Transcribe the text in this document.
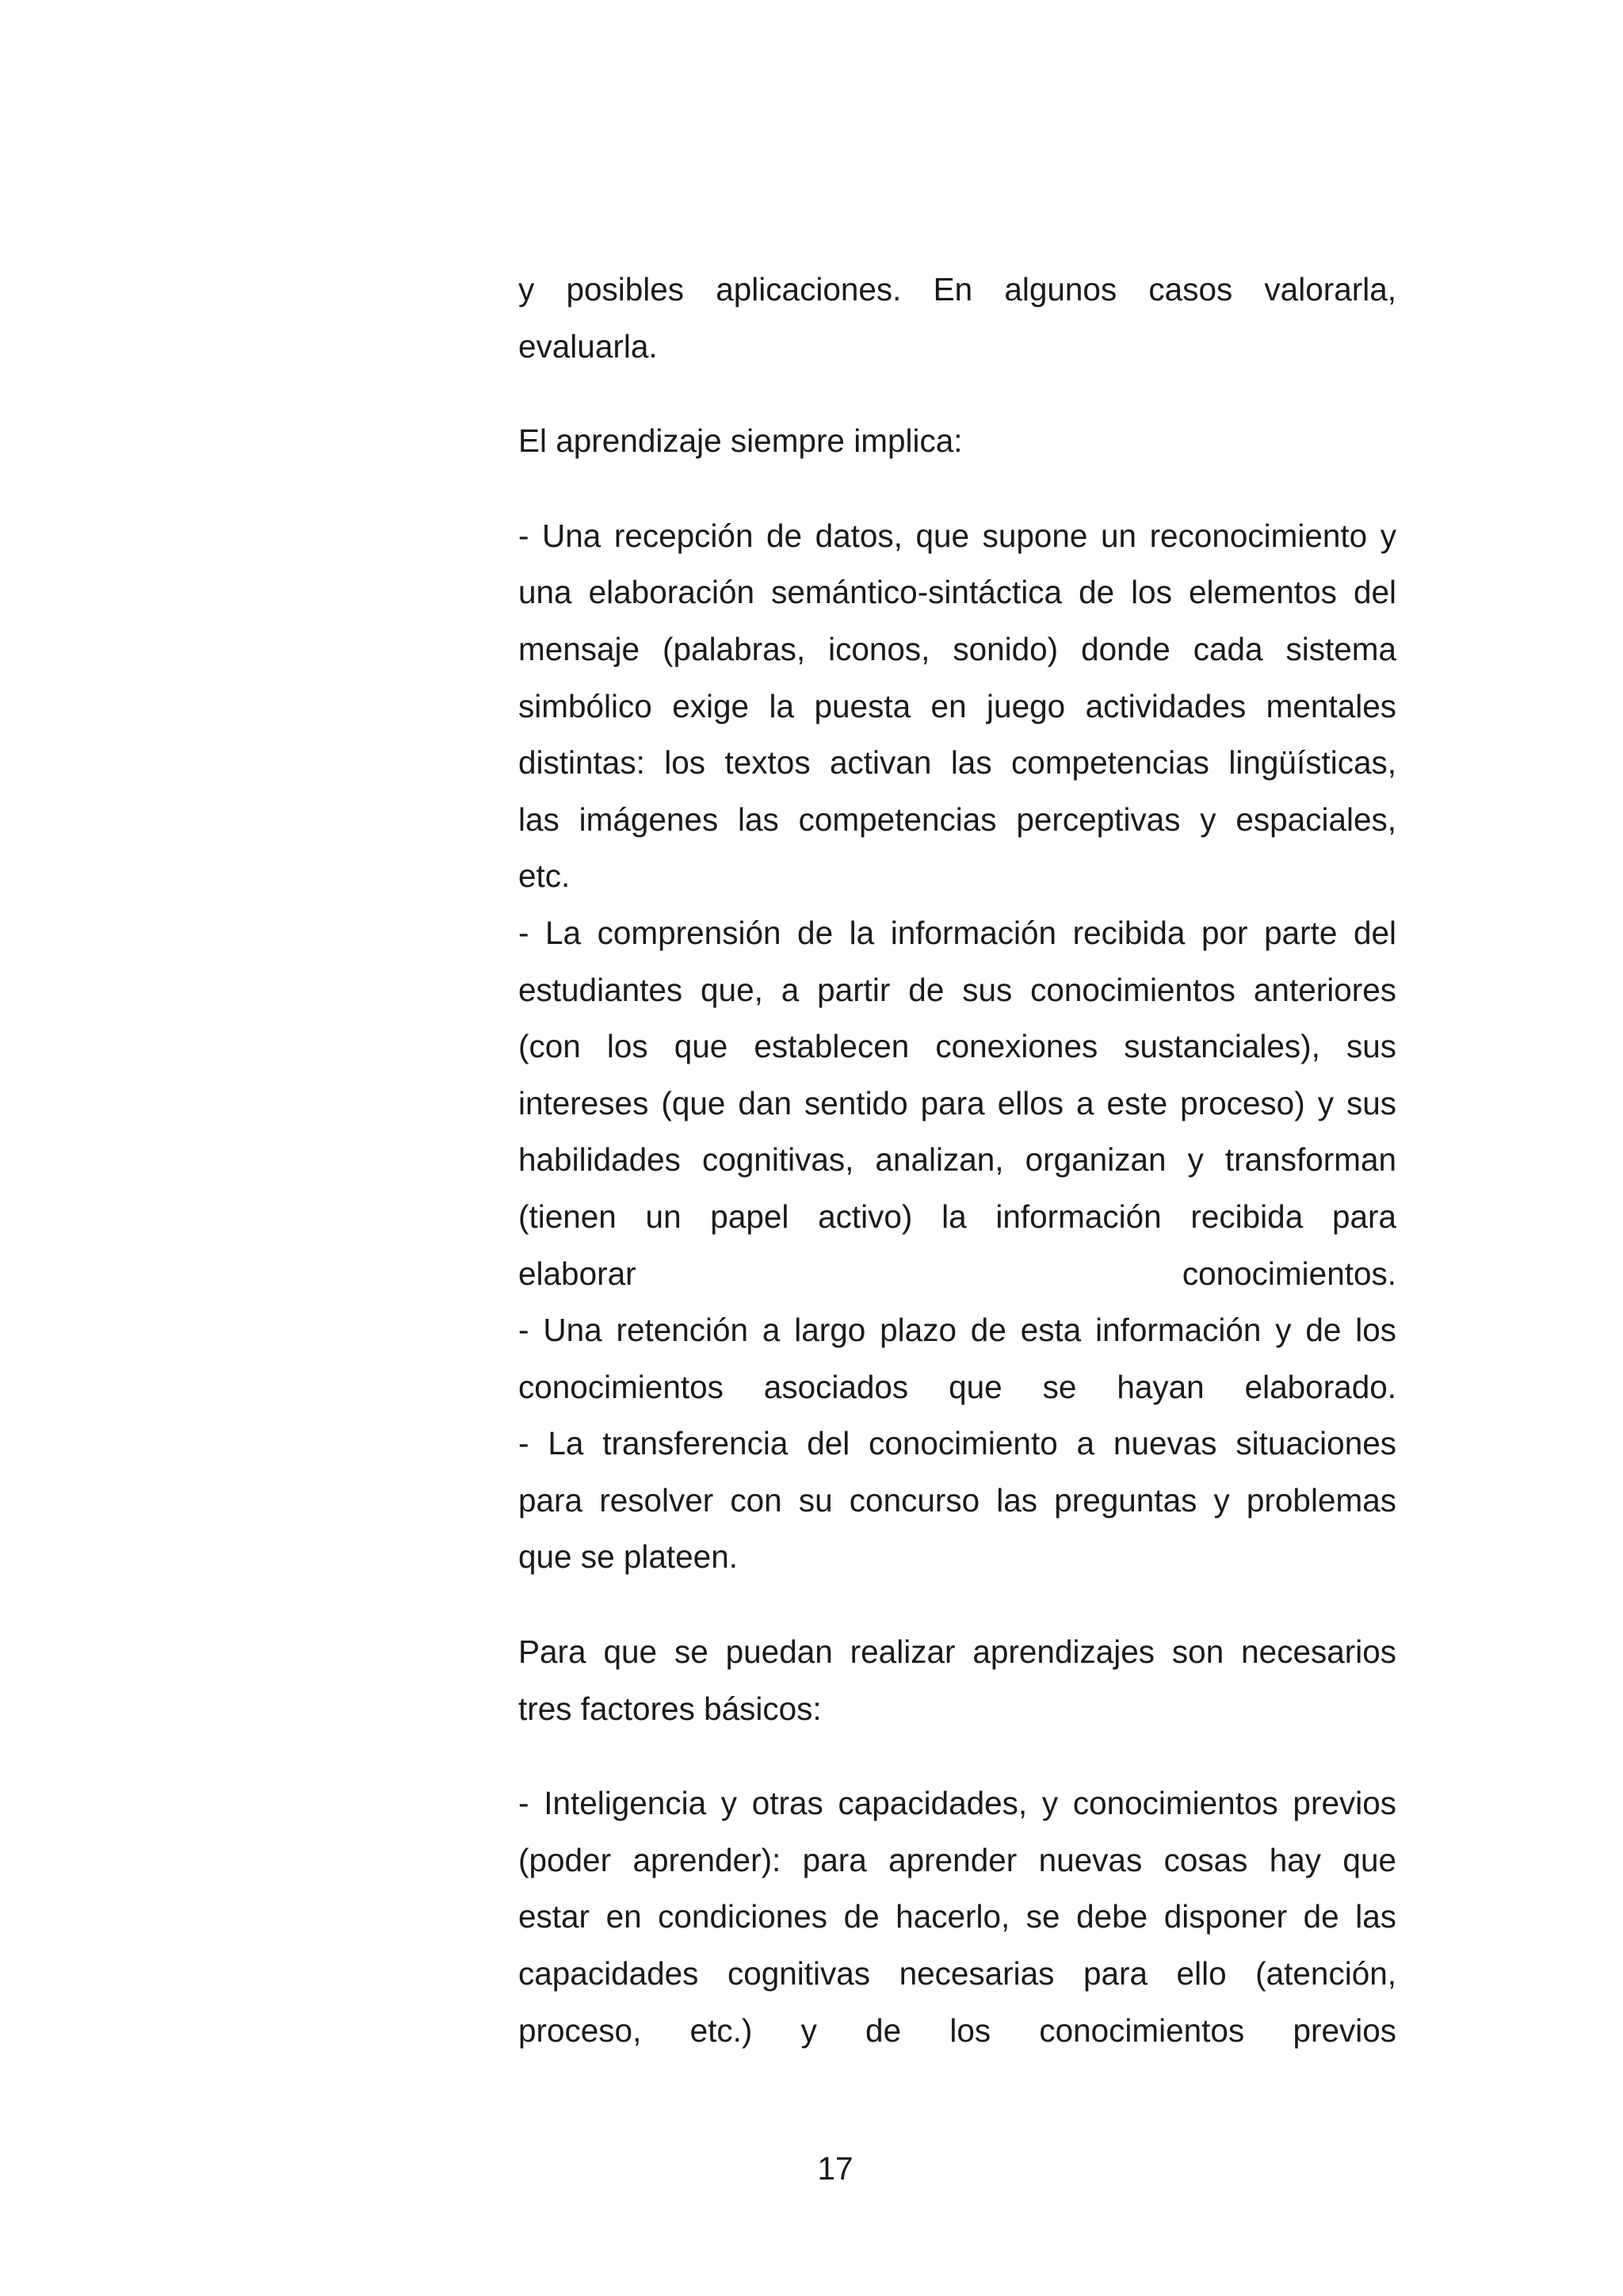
y posibles aplicaciones. En algunos casos valorarla,
evaluarla.
El aprendizaje siempre implica:
- Una recepción de datos, que supone un reconocimiento y
una elaboración semántico-sintáctica de los elementos del
mensaje (palabras, iconos, sonido) donde cada sistema
simbólico exige la puesta en juego actividades mentales
distintas: los textos activan las competencias lingüísticas,
las imágenes las competencias perceptivas y espaciales,
etc.
- La comprensión de la información recibida por parte del
estudiantes que, a partir de sus conocimientos anteriores
(con los que establecen conexiones sustanciales), sus
intereses (que dan sentido para ellos a este proceso) y sus
habilidades cognitivas, analizan, organizan y transforman
(tienen un papel activo) la información recibida para
elaborar conocimientos.
- Una retención a largo plazo de esta información y de los
conocimientos asociados que se hayan elaborado.
- La transferencia del conocimiento a nuevas situaciones
para resolver con su concurso las preguntas y problemas
que se plateen.
Para que se puedan realizar aprendizajes son necesarios
tres factores básicos:
- Inteligencia y otras capacidades, y conocimientos previos
(poder aprender): para aprender nuevas cosas hay que
estar en condiciones de hacerlo, se debe disponer de las
capacidades cognitivas necesarias para ello (atención,
proceso, etc.) y de los conocimientos previos
17
